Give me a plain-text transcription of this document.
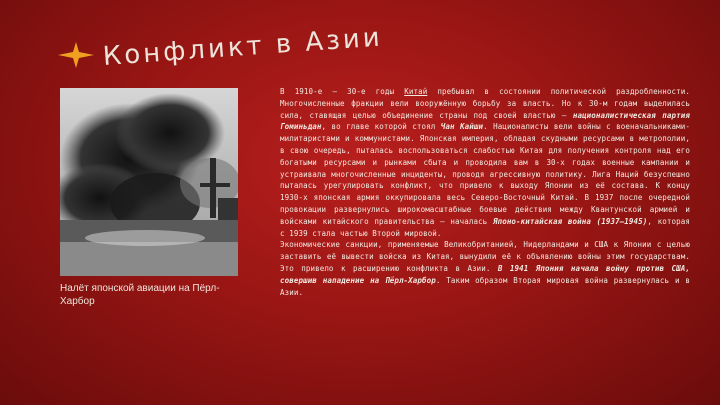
Конфликт в Азии
Налёт японской авиации на Пёрл-Харбор

В 1910-е – 30-е годы Китай пребывал в состоянии политической раздробленности. Многочисленные фракции вели вооружённую борьбу за власть. Но к 30-м годам выделилась сила, ставящая целью объединение страны под своей властью – националистическая партия Гоминьдан, во главе которой стоял Чан Кайши. Националисты вели войны с военачальниками-милитаристами и коммунистами. Японская империя, обладая скудными ресурсами в метрополии, в свою очередь, пыталась воспользоваться слабостью Китая для получения контроля над его богатыми ресурсами и рынками сбыта и проводила вам в 30-х годах военные кампании и устраивала многочисленные инциденты, проводя агрессивную политику. Лига Наций безуспешно пыталась урегулировать конфликт, что привело к выходу Японии из её состава. К концу 1930-х японская армия оккупировала весь Северо-Восточный Китай. В 1937 после очередной провокации развернулись широкомасштабные боевые действия между Квантунской армией и войсками китайского правительства – началась Японо-китайская война (1937–1945), которая с 1939 стала частью Второй мировой.

Экономические санкции, применяемые Великобританией, Нидерландами и США к Японии с целью заставить её вывести войска из Китая, вынудили её к объявлению войны этим государствам. Это привело к расширению конфликта в Азии. В 1941 Япония начала войну против США, совершив нападение на Пёрл-Харбор. Таким образом Вторая мировая война развернулась и в Азии.
